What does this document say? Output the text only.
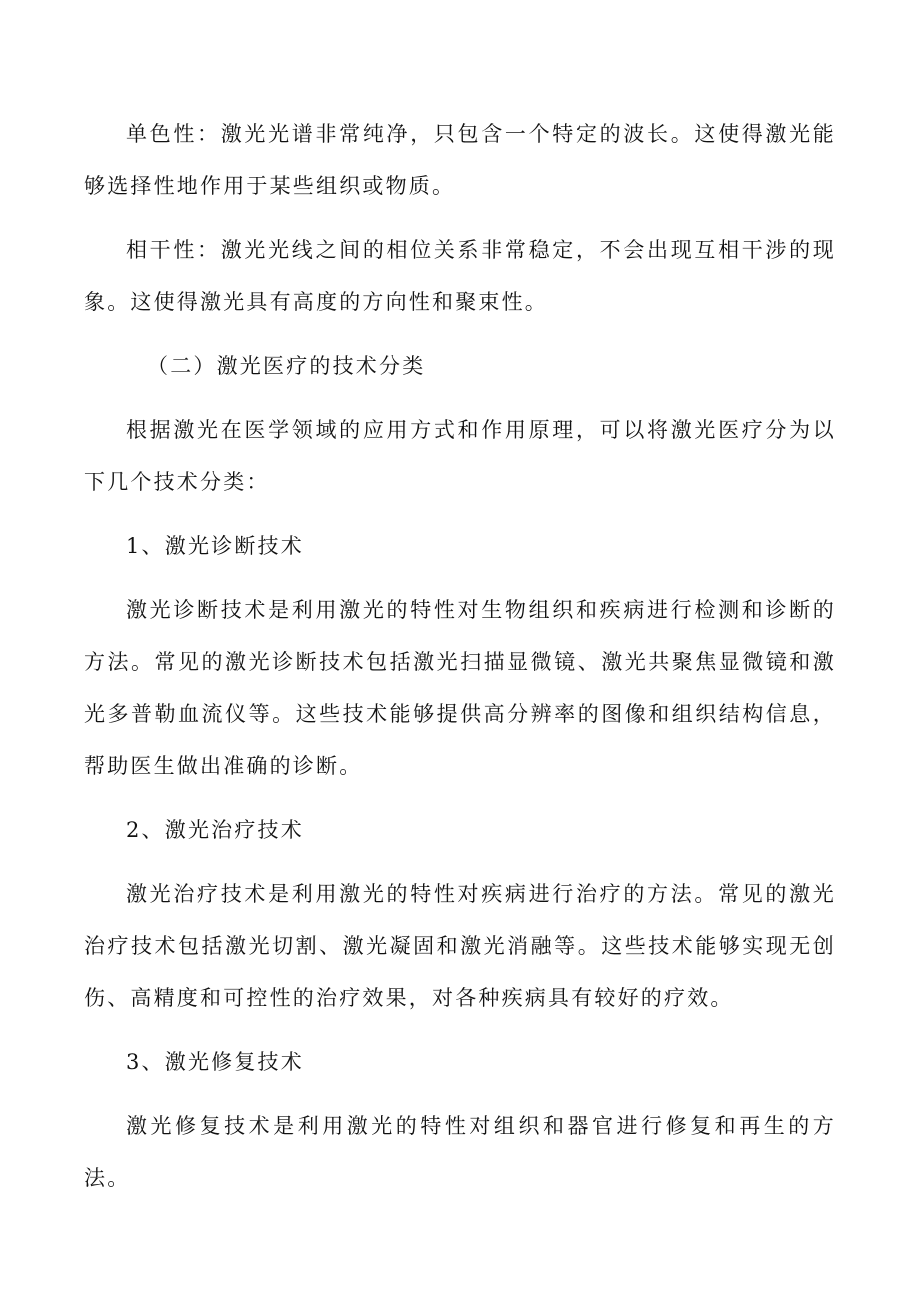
单色性：激光光谱非常纯净，只包含一个特定的波长。这使得激光能够选择性地作用于某些组织或物质。

相干性：激光光线之间的相位关系非常稳定，不会出现互相干涉的现象。这使得激光具有高度的方向性和聚束性。

（二）激光医疗的技术分类

根据激光在医学领域的应用方式和作用原理，可以将激光医疗分为以下几个技术分类：

1、激光诊断技术

激光诊断技术是利用激光的特性对生物组织和疾病进行检测和诊断的方法。常见的激光诊断技术包括激光扫描显微镜、激光共聚焦显微镜和激光多普勒血流仪等。这些技术能够提供高分辨率的图像和组织结构信息，帮助医生做出准确的诊断。

2、激光治疗技术

激光治疗技术是利用激光的特性对疾病进行治疗的方法。常见的激光治疗技术包括激光切割、激光凝固和激光消融等。这些技术能够实现无创伤、高精度和可控性的治疗效果，对各种疾病具有较好的疗效。

3、激光修复技术

激光修复技术是利用激光的特性对组织和器官进行修复和再生的方法。
